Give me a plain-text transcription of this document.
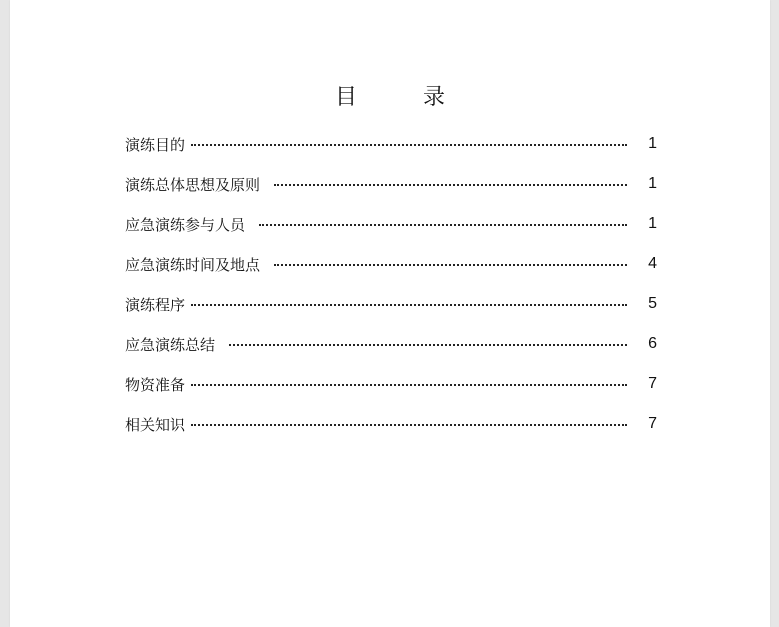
目　录
演练目的	1
演练总体思想及原则	1
应急演练参与人员	1
应急演练时间及地点	4
演练程序	5
应急演练总结	6
物资准备	7
相关知识	7
